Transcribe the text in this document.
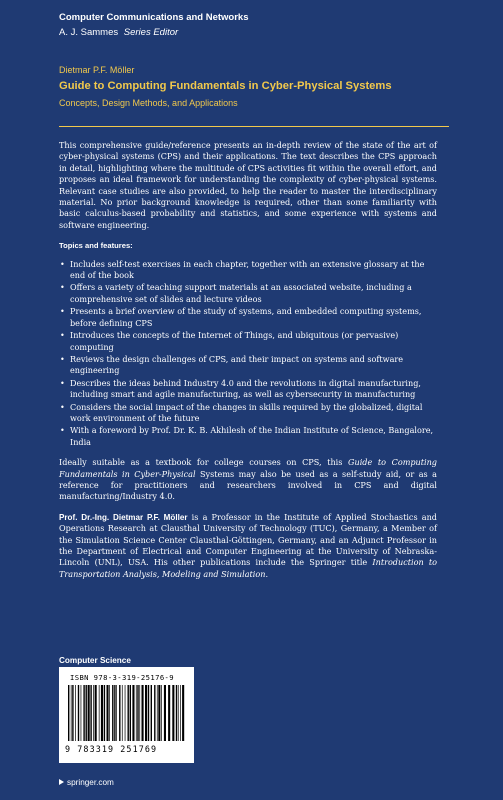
Computer Communications and Networks
A. J. Sammes Series Editor
Dietmar P.F. Möller
Guide to Computing Fundamentals in Cyber-Physical Systems
Concepts, Design Methods, and Applications

This comprehensive guide/reference presents an in-depth review of the state of the art of cyber-physical systems (CPS) and their applications. The text describes the CPS approach in detail, highlighting where the multitude of CPS activities fit within the overall effort, and proposes an ideal framework for understanding the complexity of cyber-physical systems. Relevant case studies are also provided, to help the reader to master the interdisciplinary material. No prior background knowledge is required, other than some familiarity with basic calculus-based probability and statistics, and some experience with systems and software engineering.

Topics and features:
• Includes self-test exercises in each chapter, together with an extensive glossary at the end of the book
• Offers a variety of teaching support materials at an associated website, including a comprehensive set of slides and lecture videos
• Presents a brief overview of the study of systems, and embedded computing systems, before defining CPS
• Introduces the concepts of the Internet of Things, and ubiquitous (or pervasive) computing
• Reviews the design challenges of CPS, and their impact on systems and software engineering
• Describes the ideas behind Industry 4.0 and the revolutions in digital manufacturing, including smart and agile manufacturing, as well as cybersecurity in manufacturing
• Considers the social impact of the changes in skills required by the globalized, digital work environment of the future
• With a foreword by Prof. Dr. K. B. Akhilesh of the Indian Institute of Science, Bangalore, India

Ideally suitable as a textbook for college courses on CPS, this Guide to Computing Fundamentals in Cyber-Physical Systems may also be used as a self-study aid, or as a reference for practitioners and researchers involved in CPS and digital manufacturing/Industry 4.0.

Prof. Dr.-Ing. Dietmar P.F. Möller is a Professor in the Institute of Applied Stochastics and Operations Research at Clausthal University of Technology (TUC), Germany, a Member of the Simulation Science Center Clausthal-Göttingen, Germany, and an Adjunct Professor in the Department of Electrical and Computer Engineering at the University of Nebraska-Lincoln (UNL), USA. His other publications include the Springer title Introduction to Transportation Analysis, Modeling and Simulation.

Computer Science
ISBN 978-3-319-25176-9
9 783319 251769
springer.com
